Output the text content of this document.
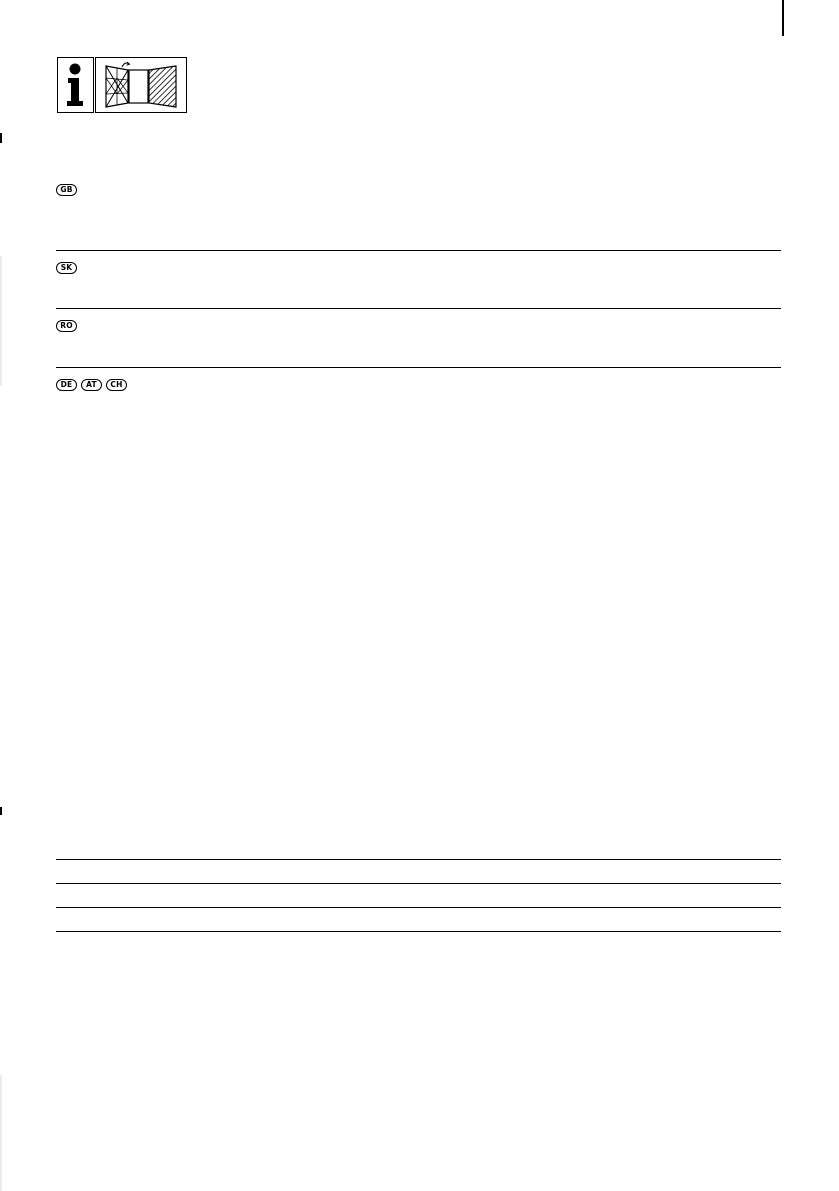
GB
SK
RO
DE	AT	CH
